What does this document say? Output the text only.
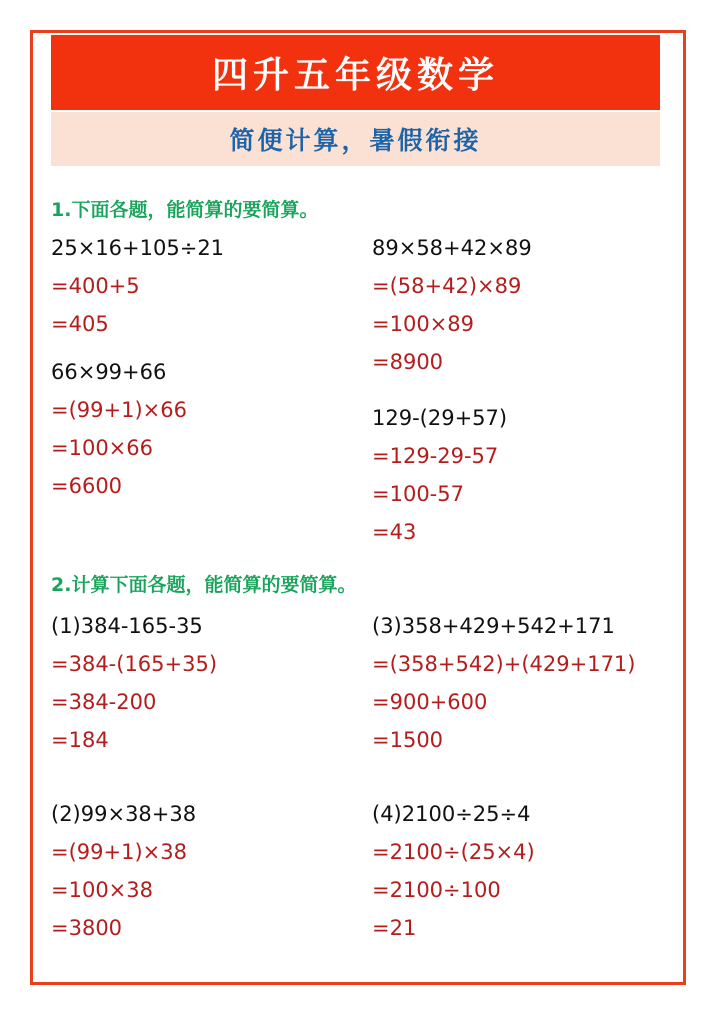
四升五年级数学
简便计算，暑假衔接
1.下面各题，能简算的要简算。
25×16+105÷21
=400+5
=405
66×99+66
=(99+1)×66
=100×66
=6600
89×58+42×89
=(58+42)×89
=100×89
=8900
129-(29+57)
=129-29-57
=100-57
=43
2.计算下面各题，能简算的要简算。
(1)384-165-35
=384-(165+35)
=384-200
=184
(2)99×38+38
=(99+1)×38
=100×38
=3800
(3)358+429+542+171
=(358+542)+(429+171)
=900+600
=1500
(4)2100÷25÷4
=2100÷(25×4)
=2100÷100
=21
